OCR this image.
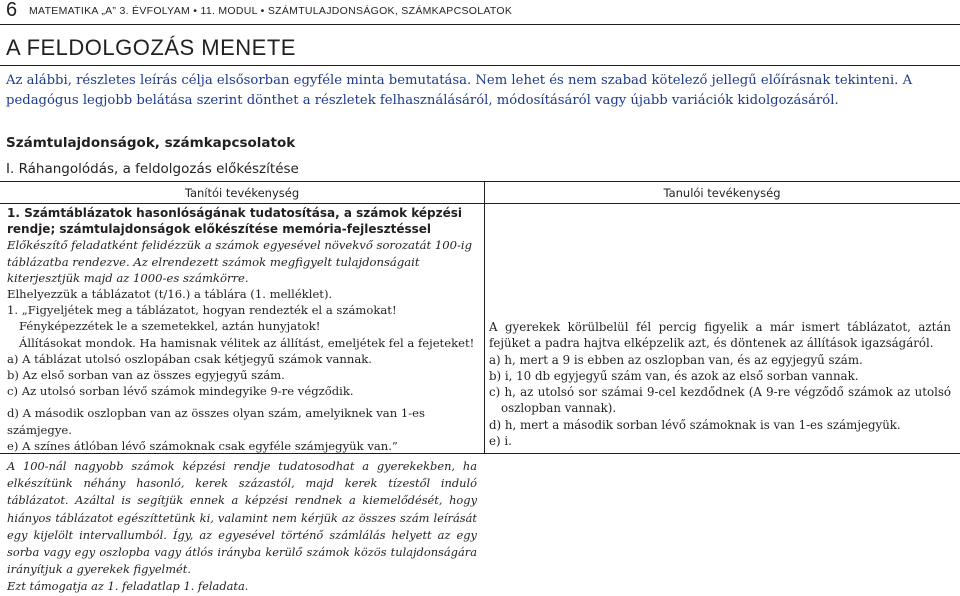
6 MATEMATIKA „A” 3. ÉVFOLYAM • 11. MODUL • SZÁMTULAJDONSÁGOK, SZÁMKAPCSOLATOK
A FELDOLGOZÁS MENETE
Az alábbi, részletes leírás célja elsősorban egyféle minta bemutatása. Nem lehet és nem szabad kötelező jellegű előírásnak tekinteni. A pedagógus legjobb belátása szerint dönthet a részletek felhasználásáról, módosításáról vagy újabb variációk kidolgozásáról.
Számtulajdonságok, számkapcsolatok
I. Ráhangolódás, a feldolgozás előkészítése
Tanítói tevékenység	Tanulói tevékenység

1. Számtáblázatok hasonlóságának tudatosítása, a számok képzési rendje; számtulajdonságok előkészítése memória-fejlesztéssel

Előkészítő feladatként felidézzük a számok egyesével növekvő sorozatát 100-ig táblázatba rendezve. Az elrendezett számok megfigyelt tulajdonságait kiterjesztjük majd az 1000-es számkörre.

Elhelyezzük a táblázatot (t/16.) a táblára (1. melléklet).

1. „Figyeljétek meg a táblázatot, hogyan rendezték el a számokat! Fényképezzétek le a szemetekkel, aztán hunyjatok!

Állításokat mondok. Ha hamisnak vélitek az állítást, emeljétek fel a fejeteket!

a) A táblázat utolsó oszlopában csak kétjegyű számok vannak.

b) Az első sorban van az összes egyjegyű szám.

c) Az utolsó sorban lévő számok mindegyike 9-re végződik.

d) A második oszlopban van az összes olyan szám, amelyiknek van 1-es számjegye.

e) A színes átlóban lévő számoknak csak egyféle számjegyük van.”

A gyerekek körülbelül fél percig figyelik a már ismert táblázatot, aztán fejüket a padra hajtva elképzelik azt, és döntenek az állítások igazságáról.

a) h, mert a 9 is ebben az oszlopban van, és az egyjegyű szám.

b) i, 10 db egyjegyű szám van, és azok az első sorban vannak.

c) h, az utolsó sor számai 9-cel kezdődnek (A 9-re végződő számok az utolsó oszlopban vannak).

d) h, mert a második sorban lévő számoknak is van 1-es számjegyük.

e) i.

A 100-nál nagyobb számok képzési rendje tudatosodhat a gyerekekben, ha elkészítünk néhány hasonló, kerek százastól, majd kerek tízestől induló táblázatot. Azáltal is segítjük ennek a képzési rendnek a kiemelődését, hogy hiányos táblázatot egészíttetünk ki, valamint nem kérjük az összes szám leírását egy kijelölt intervallumból. Így, az egyesével történő számlálás helyett az egy sorba vagy egy oszlopba vagy átlós irányba kerülő számok közös tulajdonságára irányítjuk a gyerekek figyelmét.
Ezt támogatja az 1. feladatlap 1. feladata.
